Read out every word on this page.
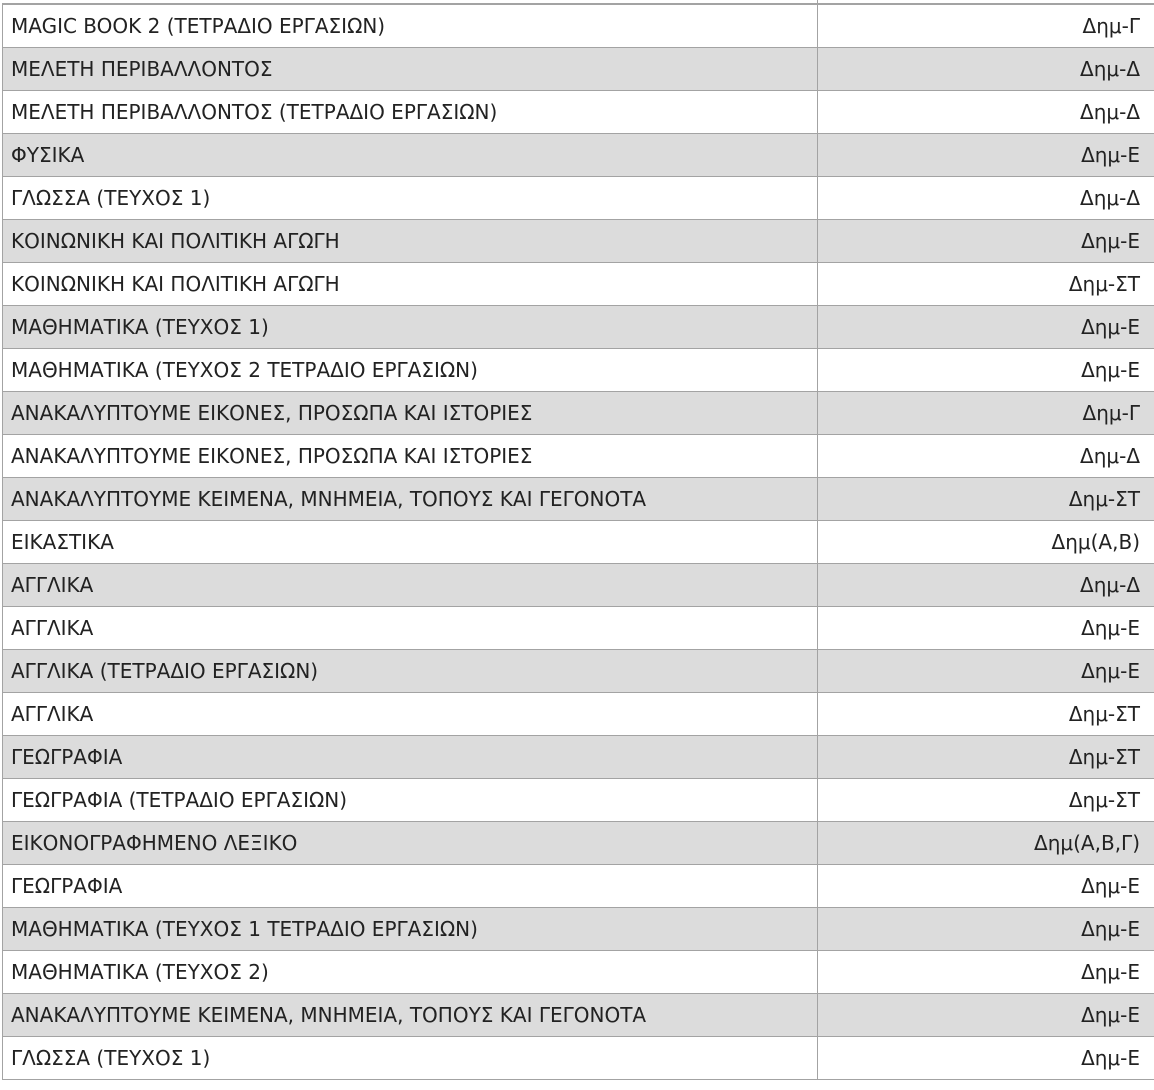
MAGIC BOOK 2 (ΤΕΤΡΑΔΙΟ ΕΡΓΑΣΙΩΝ)	Δημ-Γ
ΜΕΛΕΤΗ ΠΕΡΙΒΑΛΛΟΝΤΟΣ	Δημ-Δ
ΜΕΛΕΤΗ ΠΕΡΙΒΑΛΛΟΝΤΟΣ (ΤΕΤΡΑΔΙΟ ΕΡΓΑΣΙΩΝ)	Δημ-Δ
ΦΥΣΙΚΑ	Δημ-Ε
ΓΛΩΣΣΑ (ΤΕΥΧΟΣ 1)	Δημ-Δ
ΚΟΙΝΩΝΙΚΗ ΚΑΙ ΠΟΛΙΤΙΚΗ ΑΓΩΓΗ	Δημ-Ε
ΚΟΙΝΩΝΙΚΗ ΚΑΙ ΠΟΛΙΤΙΚΗ ΑΓΩΓΗ	Δημ-ΣΤ
ΜΑΘΗΜΑΤΙΚΑ (ΤΕΥΧΟΣ 1)	Δημ-Ε
ΜΑΘΗΜΑΤΙΚΑ (ΤΕΥΧΟΣ 2 ΤΕΤΡΑΔΙΟ ΕΡΓΑΣΙΩΝ)	Δημ-Ε
ΑΝΑΚΑΛΥΠΤΟΥΜΕ ΕΙΚΟΝΕΣ, ΠΡΟΣΩΠΑ ΚΑΙ ΙΣΤΟΡΙΕΣ	Δημ-Γ
ΑΝΑΚΑΛΥΠΤΟΥΜΕ ΕΙΚΟΝΕΣ, ΠΡΟΣΩΠΑ ΚΑΙ ΙΣΤΟΡΙΕΣ	Δημ-Δ
ΑΝΑΚΑΛΥΠΤΟΥΜΕ ΚΕΙΜΕΝΑ, ΜΝΗΜΕΙΑ, ΤΟΠΟΥΣ ΚΑΙ ΓΕΓΟΝΟΤΑ	Δημ-ΣΤ
ΕΙΚΑΣΤΙΚΑ	Δημ(Α,Β)
ΑΓΓΛΙΚΑ	Δημ-Δ
ΑΓΓΛΙΚΑ	Δημ-Ε
ΑΓΓΛΙΚΑ (ΤΕΤΡΑΔΙΟ ΕΡΓΑΣΙΩΝ)	Δημ-Ε
ΑΓΓΛΙΚΑ	Δημ-ΣΤ
ΓΕΩΓΡΑΦΙΑ	Δημ-ΣΤ
ΓΕΩΓΡΑΦΙΑ (ΤΕΤΡΑΔΙΟ ΕΡΓΑΣΙΩΝ)	Δημ-ΣΤ
ΕΙΚΟΝΟΓΡΑΦΗΜΕΝΟ ΛΕΞΙΚΟ	Δημ(Α,Β,Γ)
ΓΕΩΓΡΑΦΙΑ	Δημ-Ε
ΜΑΘΗΜΑΤΙΚΑ (ΤΕΥΧΟΣ 1 ΤΕΤΡΑΔΙΟ ΕΡΓΑΣΙΩΝ)	Δημ-Ε
ΜΑΘΗΜΑΤΙΚΑ (ΤΕΥΧΟΣ 2)	Δημ-Ε
ΑΝΑΚΑΛΥΠΤΟΥΜΕ ΚΕΙΜΕΝΑ, ΜΝΗΜΕΙΑ, ΤΟΠΟΥΣ ΚΑΙ ΓΕΓΟΝΟΤΑ	Δημ-Ε
ΓΛΩΣΣΑ (ΤΕΥΧΟΣ 1)	Δημ-Ε
